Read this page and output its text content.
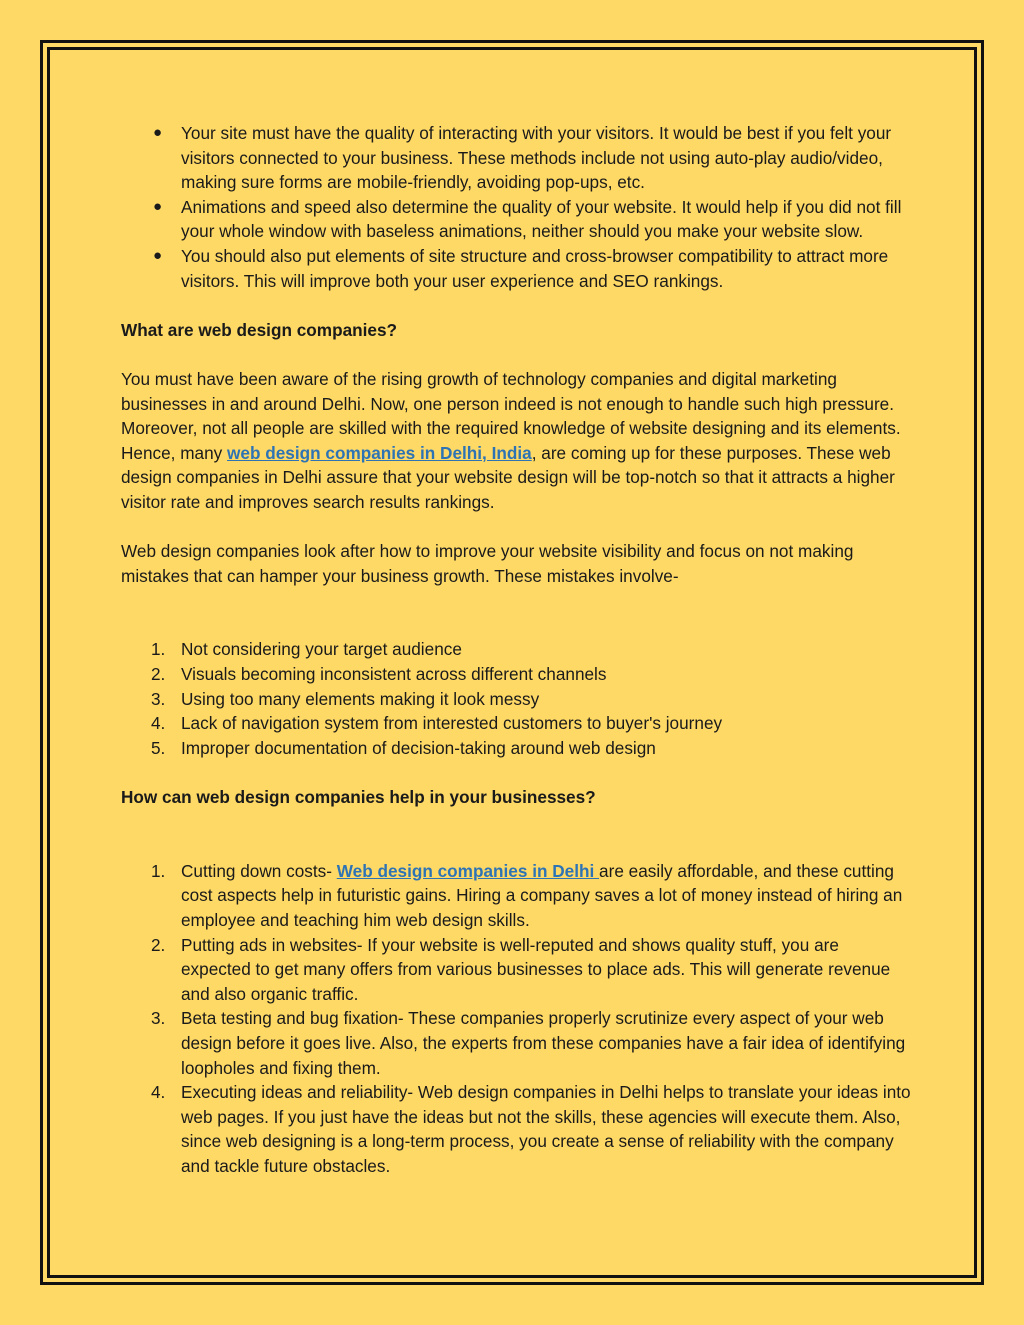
● Your site must have the quality of interacting with your visitors. It would be best if you felt your visitors connected to your business. These methods include not using auto-play audio/video, making sure forms are mobile-friendly, avoiding pop-ups, etc.
● Animations and speed also determine the quality of your website. It would help if you did not fill your whole window with baseless animations, neither should you make your website slow.
● You should also put elements of site structure and cross-browser compatibility to attract more visitors. This will improve both your user experience and SEO rankings.

What are web design companies?

You must have been aware of the rising growth of technology companies and digital marketing businesses in and around Delhi. Now, one person indeed is not enough to handle such high pressure. Moreover, not all people are skilled with the required knowledge of website designing and its elements. Hence, many web design companies in Delhi, India, are coming up for these purposes. These web design companies in Delhi assure that your website design will be top-notch so that it attracts a higher visitor rate and improves search results rankings.

Web design companies look after how to improve your website visibility and focus on not making mistakes that can hamper your business growth. These mistakes involve-

1. Not considering your target audience
2. Visuals becoming inconsistent across different channels
3. Using too many elements making it look messy
4. Lack of navigation system from interested customers to buyer's journey
5. Improper documentation of decision-taking around web design

How can web design companies help in your businesses?

1. Cutting down costs- Web design companies in Delhi are easily affordable, and these cutting cost aspects help in futuristic gains. Hiring a company saves a lot of money instead of hiring an employee and teaching him web design skills.
2. Putting ads in websites- If your website is well-reputed and shows quality stuff, you are expected to get many offers from various businesses to place ads. This will generate revenue and also organic traffic.
3. Beta testing and bug fixation- These companies properly scrutinize every aspect of your web design before it goes live. Also, the experts from these companies have a fair idea of identifying loopholes and fixing them.
4. Executing ideas and reliability- Web design companies in Delhi helps to translate your ideas into web pages. If you just have the ideas but not the skills, these agencies will execute them. Also, since web designing is a long-term process, you create a sense of reliability with the company and tackle future obstacles.
